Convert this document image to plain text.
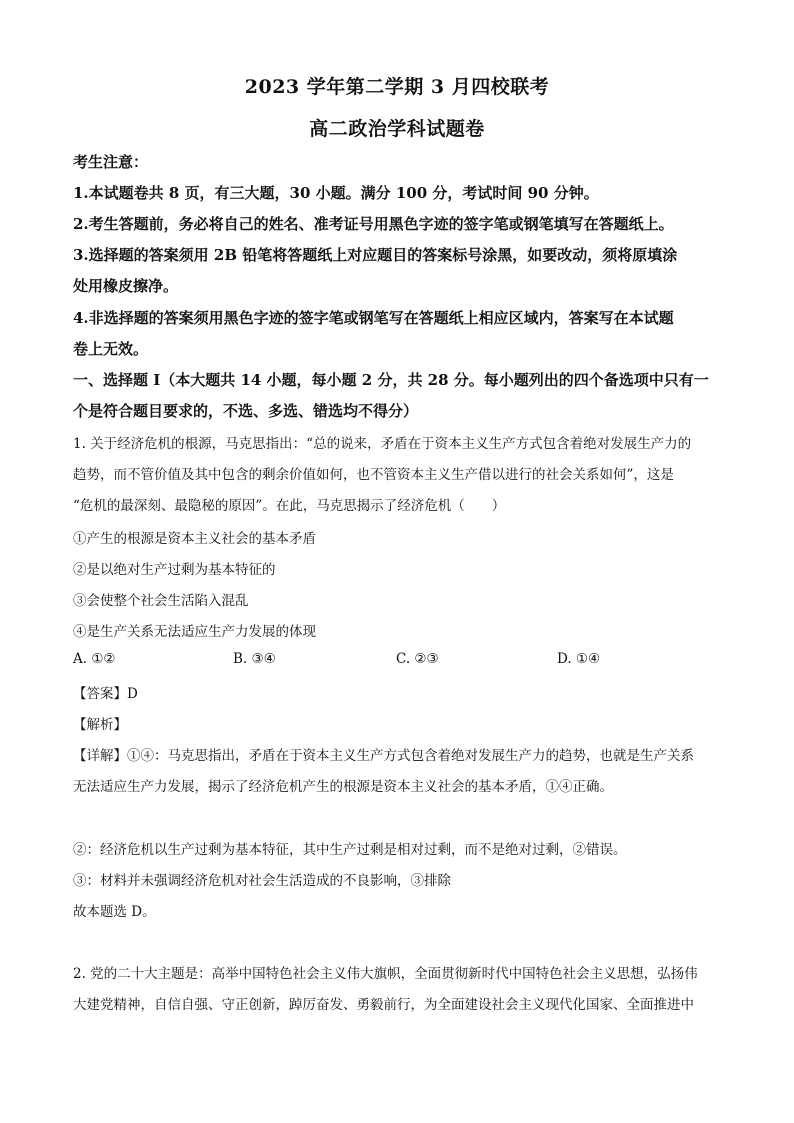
2023 学年第二学期 3 月四校联考
高二政治学科试题卷
考生注意：
1.本试题卷共 8 页，有三大题，30 小题。满分 100 分，考试时间 90 分钟。
2.考生答题前，务必将自己的姓名、准考证号用黑色字迹的签字笔或钢笔填写在答题纸上。
3.选择题的答案须用 2B 铅笔将答题纸上对应题目的答案标号涂黑，如要改动，须将原填涂
处用橡皮擦净。
4.非选择题的答案须用黑色字迹的签字笔或钢笔写在答题纸上相应区域内，答案写在本试题
卷上无效。
一、选择题 I（本大题共 14 小题，每小题 2 分，共 28 分。每小题列出的四个备选项中只有一
个是符合题目要求的，不选、多选、错选均不得分）
1. 关于经济危机的根源，马克思指出：“总的说来，矛盾在于资本主义生产方式包含着绝对发展生产力的
趋势，而不管价值及其中包含的剩余价值如何，也不管资本主义生产借以进行的社会关系如何”，这是
“危机的最深刻、最隐秘的原因”。在此，马克思揭示了经济危机（　　）
①产生的根源是资本主义社会的基本矛盾
②是以绝对生产过剩为基本特征的
③会使整个社会生活陷入混乱
④是生产关系无法适应生产力发展的体现
A. ①②	B. ③④	C. ②③	D. ①④
【答案】D
【解析】
【详解】①④：马克思指出，矛盾在于资本主义生产方式包含着绝对发展生产力的趋势，也就是生产关系
无法适应生产力发展，揭示了经济危机产生的根源是资本主义社会的基本矛盾，①④正确。
②：经济危机以生产过剩为基本特征，其中生产过剩是相对过剩，而不是绝对过剩，②错误。
③：材料并未强调经济危机对社会生活造成的不良影响，③排除
故本题选 D。
2. 党的二十大主题是：高举中国特色社会主义伟大旗帜，全面贯彻新时代中国特色社会主义思想，弘扬伟
大建党精神，自信自强、守正创新，踔厉奋发、勇毅前行，为全面建设社会主义现代化国家、全面推进中
